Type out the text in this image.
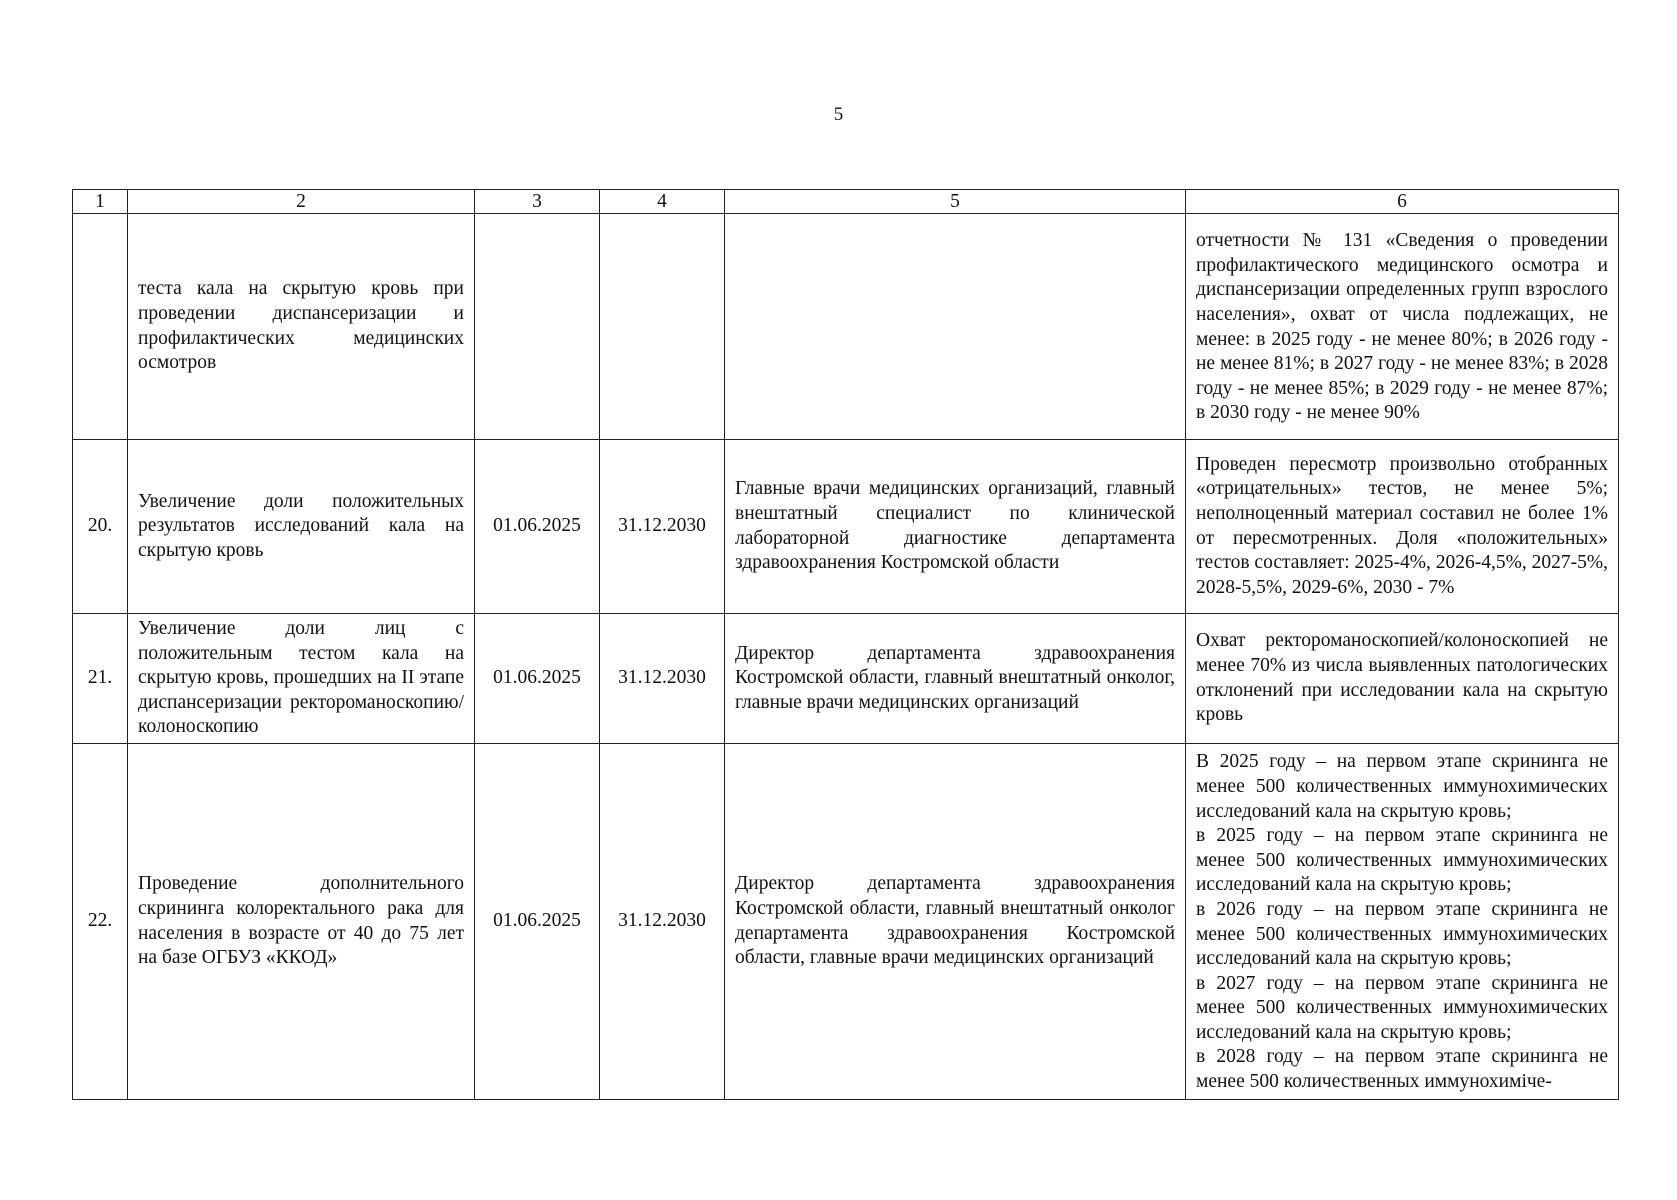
5
1	2	3	4	5	6
	теста кала на скрытую кровь при проведении диспансеризации и профилактических медицинских осмотров				отчетности № 131 «Сведения о проведении профилактического медицинского осмотра и диспансеризации определенных групп взрослого населения», охват от числа подлежащих, не менее: в 2025 году - не менее 80%; в 2026 году - не менее 81%; в 2027 году - не менее 83%; в 2028 году - не менее 85%; в 2029 году - не менее 87%; в 2030 году - не менее 90%
20.	Увеличение доли положительных результатов исследований кала на скрытую кровь	01.06.2025	31.12.2030	Главные врачи медицинских организаций, главный внештатный специалист по клинической лабораторной диагностике департамента здравоохранения Костромской области	Проведен пересмотр произвольно отобранных «отрицательных» тестов, не менее 5%; неполноценный материал составил не более 1% от пересмотренных. Доля «положительных» тестов составляет: 2025-4%, 2026-4,5%, 2027-5%, 2028-5,5%, 2029-6%, 2030 - 7%
21.	Увеличение доли лиц с положительным тестом кала на скрытую кровь, прошедших на II этапе диспансеризации ректороманоскопию/ колоноскопию	01.06.2025	31.12.2030	Директор департамента здравоохранения Костромской области, главный внештатный онколог, главные врачи медицинских организаций	Охват ректороманоскопией/колоноскопией не менее 70% из числа выявленных патологических отклонений при исследовании кала на скрытую кровь
22.	Проведение дополнительного скрининга колоректального рака для населения в возрасте от 40 до 75 лет на базе ОГБУЗ «ККОД»	01.06.2025	31.12.2030	Директор департамента здравоохранения Костромской области, главный внештатный онколог департамента здравоохранения Костромской области, главные врачи медицинских организаций	В 2025 году – на первом этапе скрининга не менее 500 количественных иммунохимических исследований кала на скрытую кровь;
в 2025 году – на первом этапе скрининга не менее 500 количественных иммунохимических исследований кала на скрытую кровь;
в 2026 году – на первом этапе скрининга не менее 500 количественных иммунохимических исследований кала на скрытую кровь;
в 2027 году – на первом этапе скрининга не менее 500 количественных иммунохимических исследований кала на скрытую кровь;
в 2028 году – на первом этапе скрининга не менее 500 количественных иммунохиміче-
